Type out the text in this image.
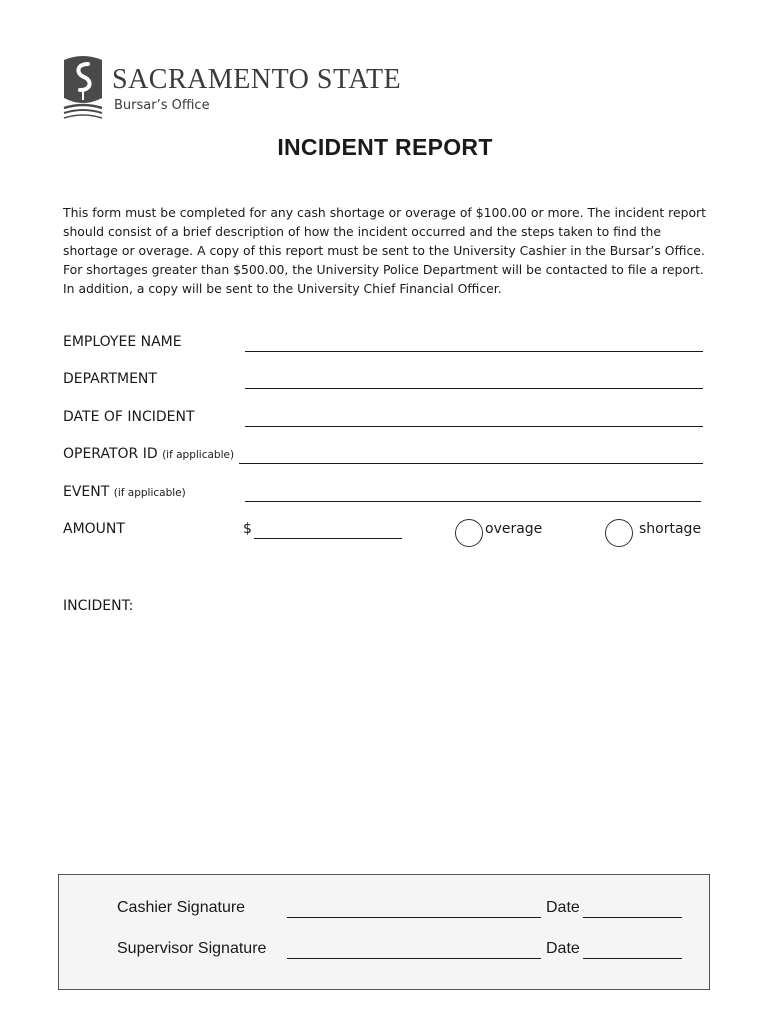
SACRAMENTO STATE
Bursar’s Office
INCIDENT REPORT
This form must be completed for any cash shortage or overage of $100.00 or more. The incident report
should consist of a brief description of how the incident occurred and the steps taken to find the
shortage or overage. A copy of this report must be sent to the University Cashier in the Bursar’s Office.
For shortages greater than $500.00, the University Police Department will be contacted to file a report.
In addition, a copy will be sent to the University Chief Financial Officer.
EMPLOYEE NAME
DEPARTMENT
DATE OF INCIDENT
OPERATOR ID (if applicable)
EVENT (if applicable)
AMOUNT	$	overage	shortage
INCIDENT:
Cashier Signature	Date
Supervisor Signature	Date
